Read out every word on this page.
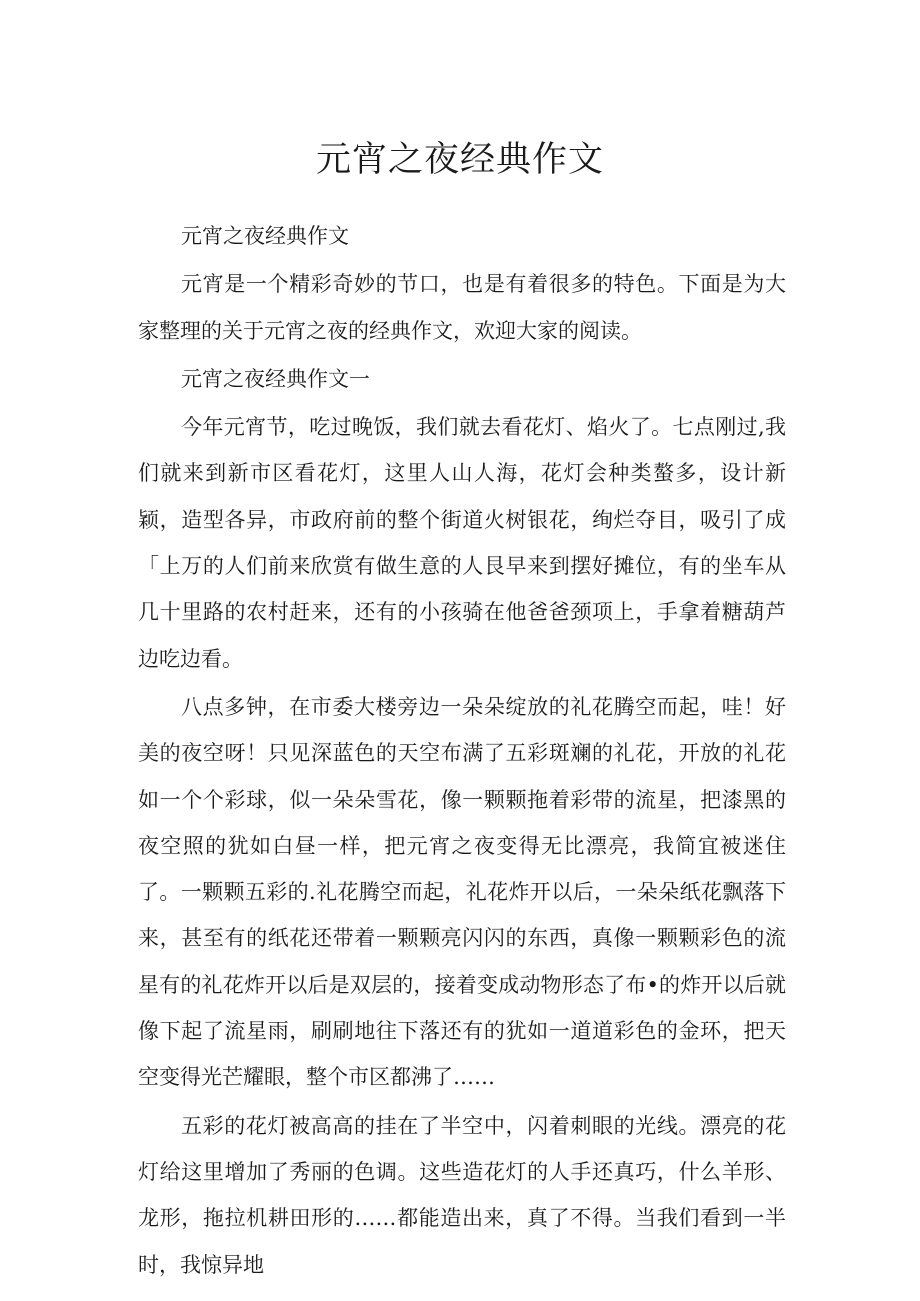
元宵之夜经典作文

元宵之夜经典作文

元宵是一个精彩奇妙的节口，也是有着很多的特色。下面是为大家整理的关于元宵之夜的经典作文，欢迎大家的阅读。

元宵之夜经典作文一

今年元宵节，吃过晚饭，我们就去看花灯、焰火了。七点刚过,我们就来到新市区看花灯，这里人山人海，花灯会种类螯多，设计新颖，造型各异，市政府前的整个街道火树银花，绚烂夺目，吸引了成「上万的人们前来欣赏有做生意的人艮早来到摆好摊位，有的坐车从几十里路的农村赶来，还有的小孩骑在他爸爸颈项上，手拿着糖葫芦边吃边看。

八点多钟，在市委大楼旁边一朵朵绽放的礼花腾空而起，哇！好美的夜空呀！只见深蓝色的天空布满了五彩斑斓的礼花，开放的礼花如一个个彩球，似一朵朵雪花，像一颗颗拖着彩带的流星，把漆黑的夜空照的犹如白昼一样，把元宵之夜变得无比漂亮，我简宜被迷住了。一颗颗五彩的.礼花腾空而起，礼花炸开以后，一朵朵纸花飘落下来，甚至有的纸花还带着一颗颗亮闪闪的东西，真像一颗颗彩色的流星有的礼花炸开以后是双层的，接着变成动物形态了布•的炸开以后就像下起了流星雨，刷刷地往下落还有的犹如一道道彩色的金环，把天空变得光芒耀眼，整个市区都沸了……

五彩的花灯被高高的挂在了半空中，闪着刺眼的光线。漂亮的花灯给这里增加了秀丽的色调。这些造花灯的人手还真巧，什么羊形、龙形，拖拉机耕田形的……都能造出来，真了不得。当我们看到一半时，我惊异地
